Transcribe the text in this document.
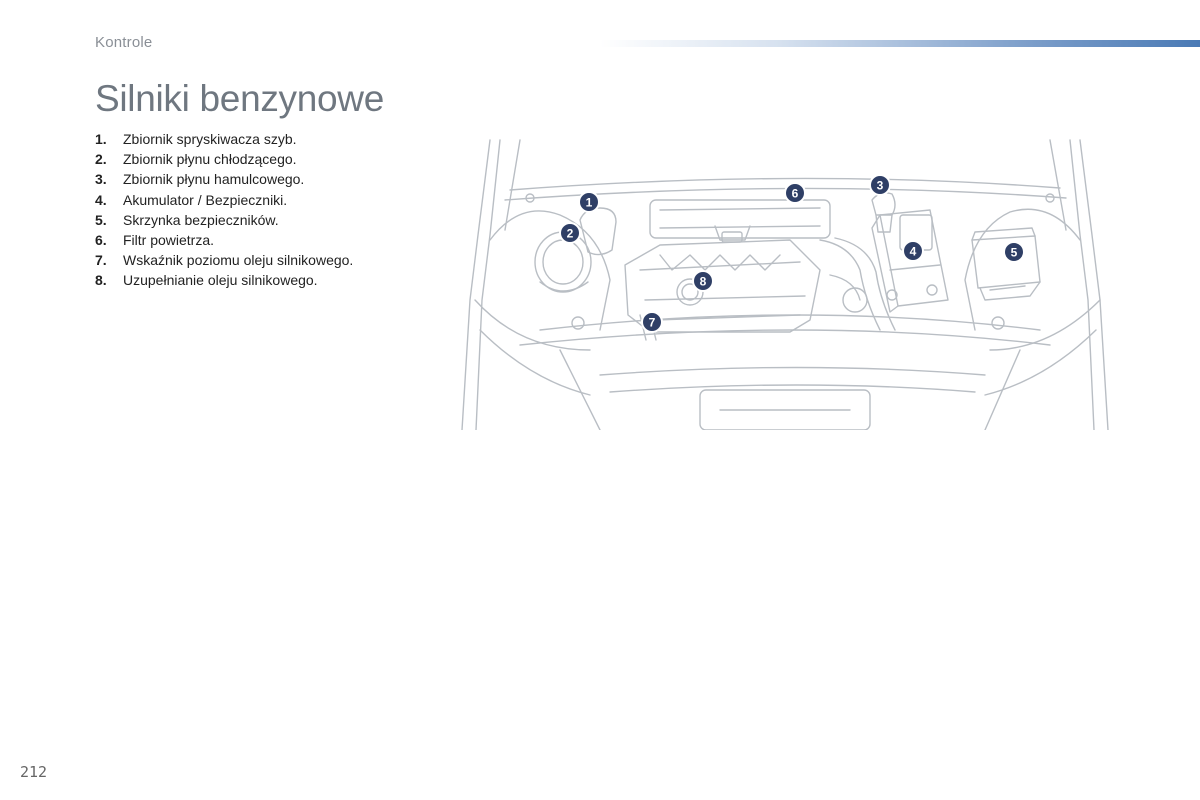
Kontrole
Silniki benzynowe
1.	Zbiornik spryskiwacza szyb.
2.	Zbiornik płynu chłodzącego.
3.	Zbiornik płynu hamulcowego.
4.	Akumulator / Bezpieczniki.
5.	Skrzynka bezpieczników.
6.	Filtr powietrza.
7.	Wskaźnik poziomu oleju silnikowego.
8.	Uzupełnianie oleju silnikowego.
1
2
3
4	5
6
7
8
212
